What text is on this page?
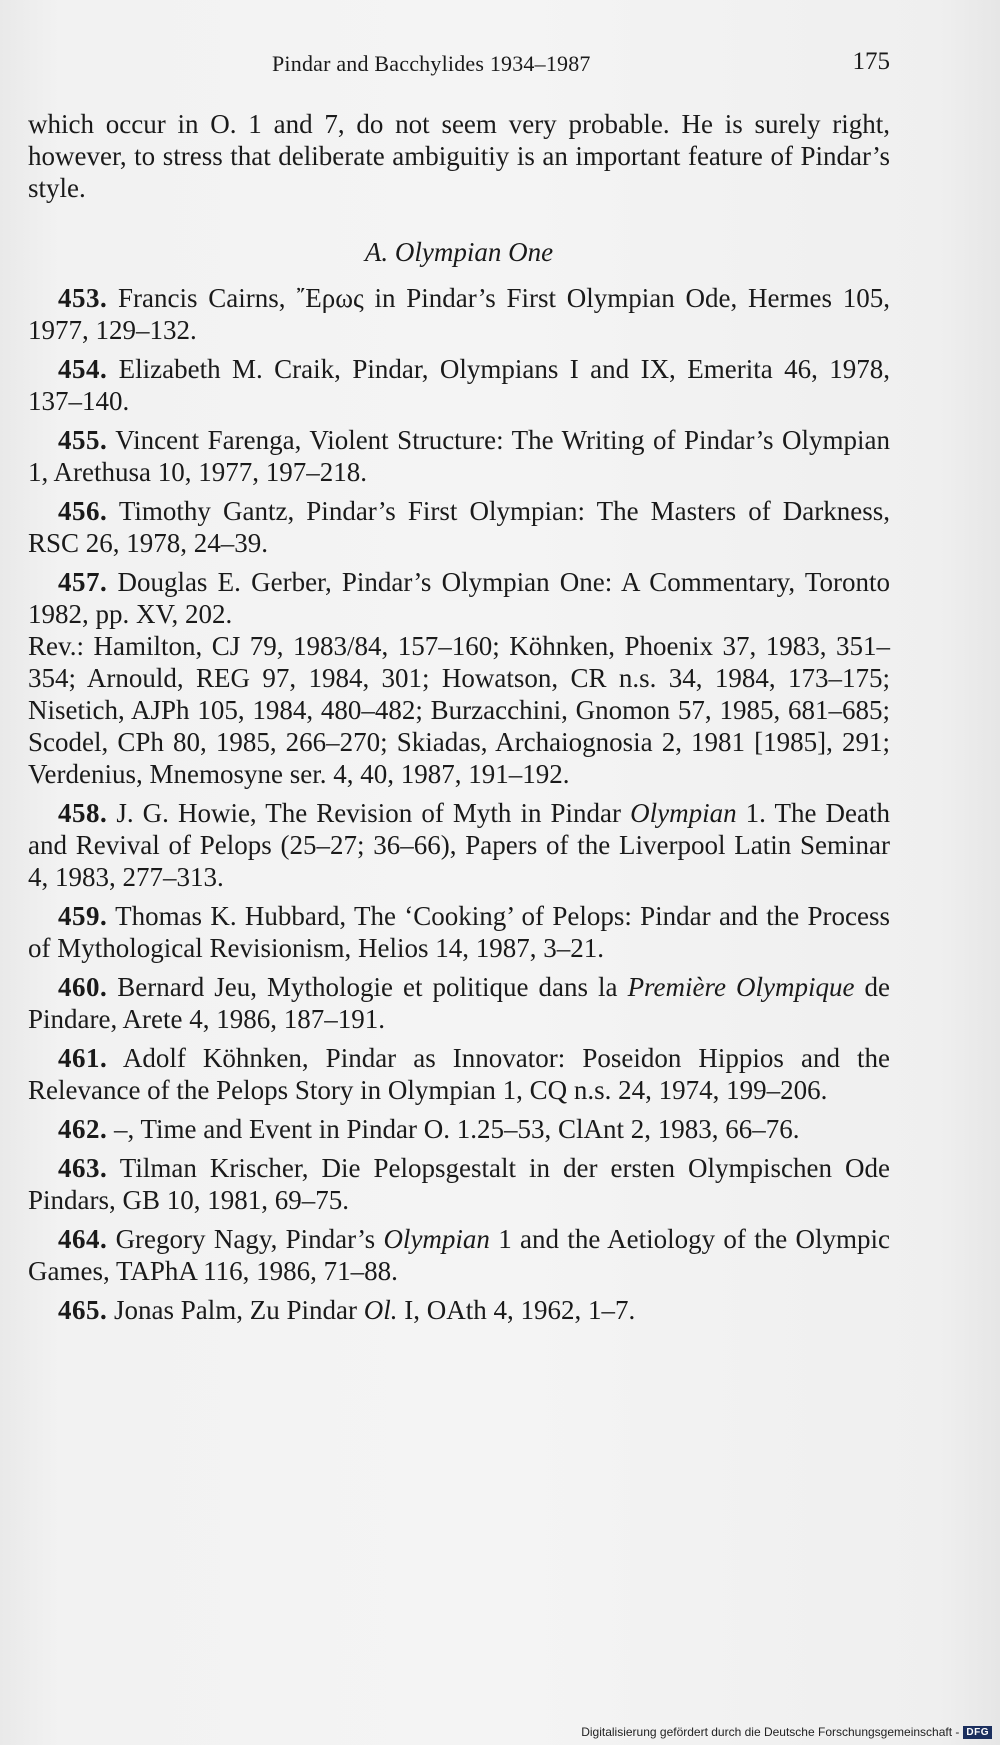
Pindar and Bacchylides 1934–1987	175

which occur in O. 1 and 7, do not seem very probable. He is surely right, however, to stress that deliberate ambiguitiy is an important feature of Pindar’s style.

A. Olympian One

453. Francis Cairns, ῎Ερως in Pindar’s First Olympian Ode, Hermes 105, 1977, 129–132.

454. Elizabeth M. Craik, Pindar, Olympians I and IX, Emerita 46, 1978, 137–140.

455. Vincent Farenga, Violent Structure: The Writing of Pindar’s Olympian 1, Arethusa 10, 1977, 197–218.

456. Timothy Gantz, Pindar’s First Olympian: The Masters of Darkness, RSC 26, 1978, 24–39.

457. Douglas E. Gerber, Pindar’s Olympian One: A Commentary, Toronto 1982, pp. XV, 202.

Rev.: Hamilton, CJ 79, 1983/84, 157–160; Köhnken, Phoenix 37, 1983, 351–354; Arnould, REG 97, 1984, 301; Howatson, CR n.s. 34, 1984, 173–175; Nisetich, AJPh 105, 1984, 480–482; Burzacchini, Gnomon 57, 1985, 681–685; Scodel, CPh 80, 1985, 266–270; Skiadas, Archaiognosia 2, 1981 [1985], 291; Verdenius, Mnemosyne ser. 4, 40, 1987, 191–192.

458. J. G. Howie, The Revision of Myth in Pindar Olympian 1. The Death and Revival of Pelops (25–27; 36–66), Papers of the Liverpool Latin Seminar 4, 1983, 277–313.

459. Thomas K. Hubbard, The ‘Cooking’ of Pelops: Pindar and the Process of Mythological Revisionism, Helios 14, 1987, 3–21.

460. Bernard Jeu, Mythologie et politique dans la Première Olympique de Pindare, Arete 4, 1986, 187–191.

461. Adolf Köhnken, Pindar as Innovator: Poseidon Hippios and the Relevance of the Pelops Story in Olympian 1, CQ n.s. 24, 1974, 199–206.

462. –, Time and Event in Pindar O. 1.25–53, ClAnt 2, 1983, 66–76.

463. Tilman Krischer, Die Pelopsgestalt in der ersten Olympischen Ode Pindars, GB 10, 1981, 69–75.

464. Gregory Nagy, Pindar’s Olympian 1 and the Aetiology of the Olympic Games, TAPhA 116, 1986, 71–88.

465. Jonas Palm, Zu Pindar Ol. I, OAth 4, 1962, 1–7.

Digitalisierung gefördert durch die Deutsche Forschungsgemeinschaft - DFG
